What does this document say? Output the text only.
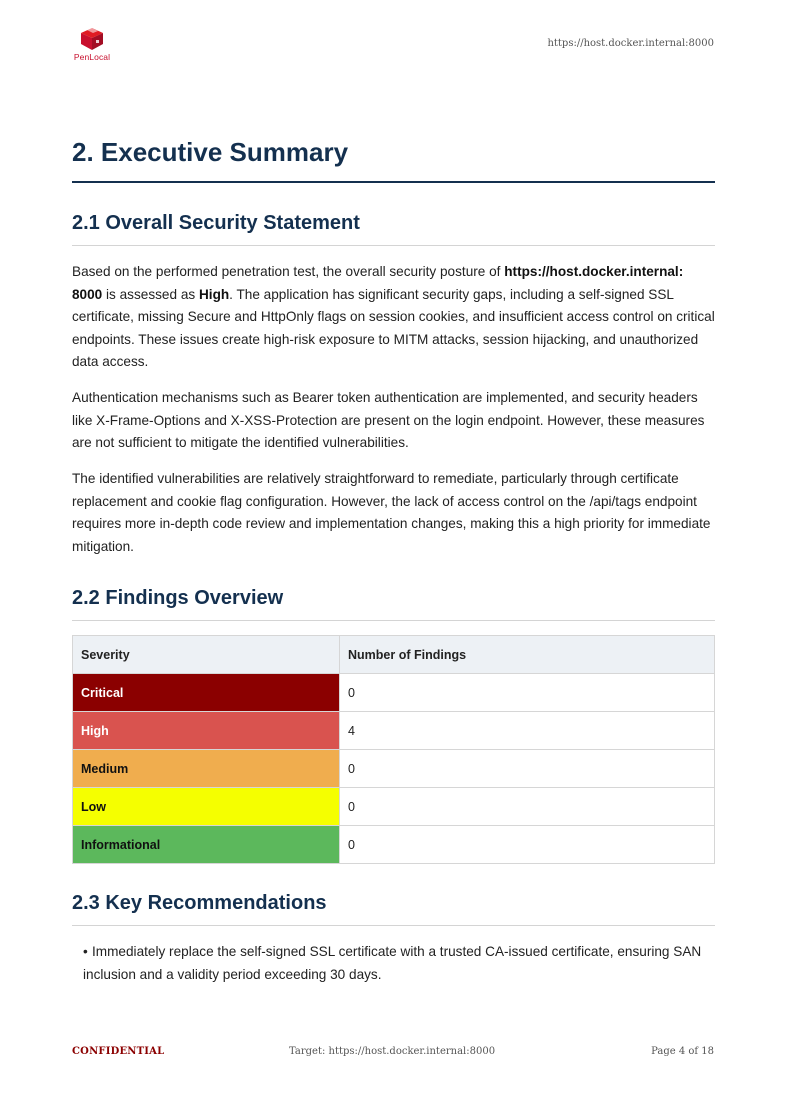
PenLocal
https://host.docker.internal:8000
2. Executive Summary
2.1 Overall Security Statement

Based on the performed penetration test, the overall security posture of https://host.docker.internal: 8000 is assessed as High. The application has significant security gaps, including a self-signed SSL certificate, missing Secure and HttpOnly flags on session cookies, and insufficient access control on critical endpoints. These issues create high-risk exposure to MITM attacks, session hijacking, and unauthorized data access.

Authentication mechanisms such as Bearer token authentication are implemented, and security headers like X-Frame-Options and X-XSS-Protection are present on the login endpoint. However, these measures are not sufficient to mitigate the identified vulnerabilities.

The identified vulnerabilities are relatively straightforward to remediate, particularly through certificate replacement and cookie flag configuration. However, the lack of access control on the /api/tags endpoint requires more in-depth code review and implementation changes, making this a high priority for immediate mitigation.

2.2 Findings Overview
Severity	Number of Findings
Critical	0
High	4
Medium	0
Low	0
Informational	0
2.3 Key Recommendations

• Immediately replace the self-signed SSL certificate with a trusted CA-issued certificate, ensuring SAN inclusion and a validity period exceeding 30 days.

CONFIDENTIAL	Target: https://host.docker.internal:8000	Page 4 of 18
